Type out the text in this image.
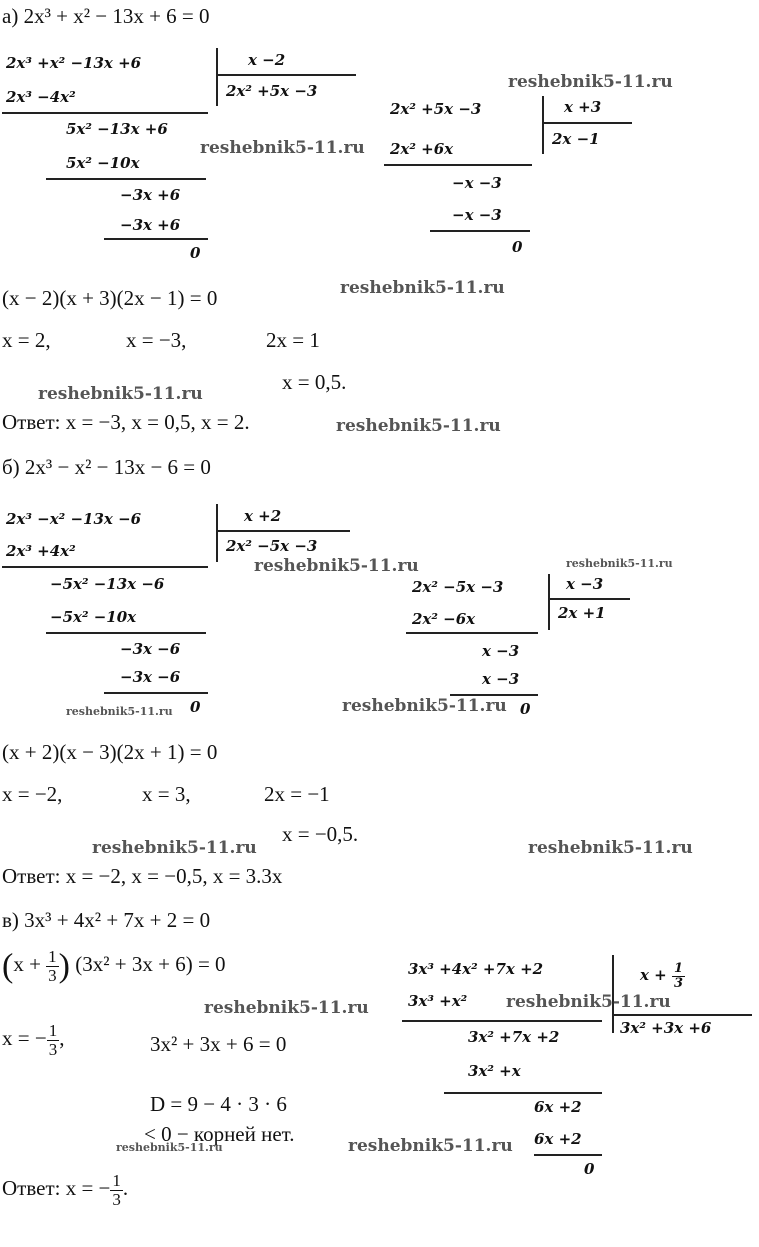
а) 2x³ + x² − 13x + 6 = 0
2x³ +x² −13x +6	x −2
2x² +5x −3
2x³ −4x²
5x² −13x +6
5x² −10x
−3x +6
−3x +6
0
2x² +5x −3	x +3
2x −1
2x² +6x
−x −3
−x −3
0
(x − 2)(x + 3)(2x − 1) = 0
x = 2,	x = −3,	2x = 1
x = 0,5.
Ответ: x = −3, x = 0,5, x = 2.
б) 2x³ − x² − 13x − 6 = 0
2x³ −x² −13x −6	x +2
2x² −5x −3
2x³ +4x²
−5x² −13x −6
−5x² −10x
−3x −6
−3x −6
0
2x² −5x −3	x −3
2x +1
2x² −6x
x −3
x −3
0
(x + 2)(x − 3)(2x + 1) = 0
x = −2,	x = 3,	2x = −1
x = −0,5.
Ответ: x = −2, x = −0,5, x = 3.3x
в) 3x³ + 4x² + 7x + 2 = 0
($x + \frac{1}{3}$ ) (3x² + 3x + 6) = 0
x = − $\frac{1}{3}$ ,	3x² + 3x + 6 = 0
D = 9 − 4 · 3 · 6
< 0 − корней нет.
Ответ: x = − $\frac{1}{3}$ .
3x³ +4x² +7x +2	$x + \frac{1}{3}$
3x² +3x +6
3x³ +x²
3x² +7x +2
3x² +x
6x +2
6x +2
0
reshebnik5-11.ru
reshebnik5-11.ru
reshebnik5-11.ru
reshebnik5-11.ru
reshebnik5-11.ru
reshebnik5-11.ru	reshebnik5-11.ru
reshebnik5-11.ru	reshebnik5-11.ru
reshebnik5-11.ru	reshebnik5-11.ru
reshebnik5-11.ru	reshebnik5-11.ru
reshebnik5-11.ru	reshebnik5-11.ru
